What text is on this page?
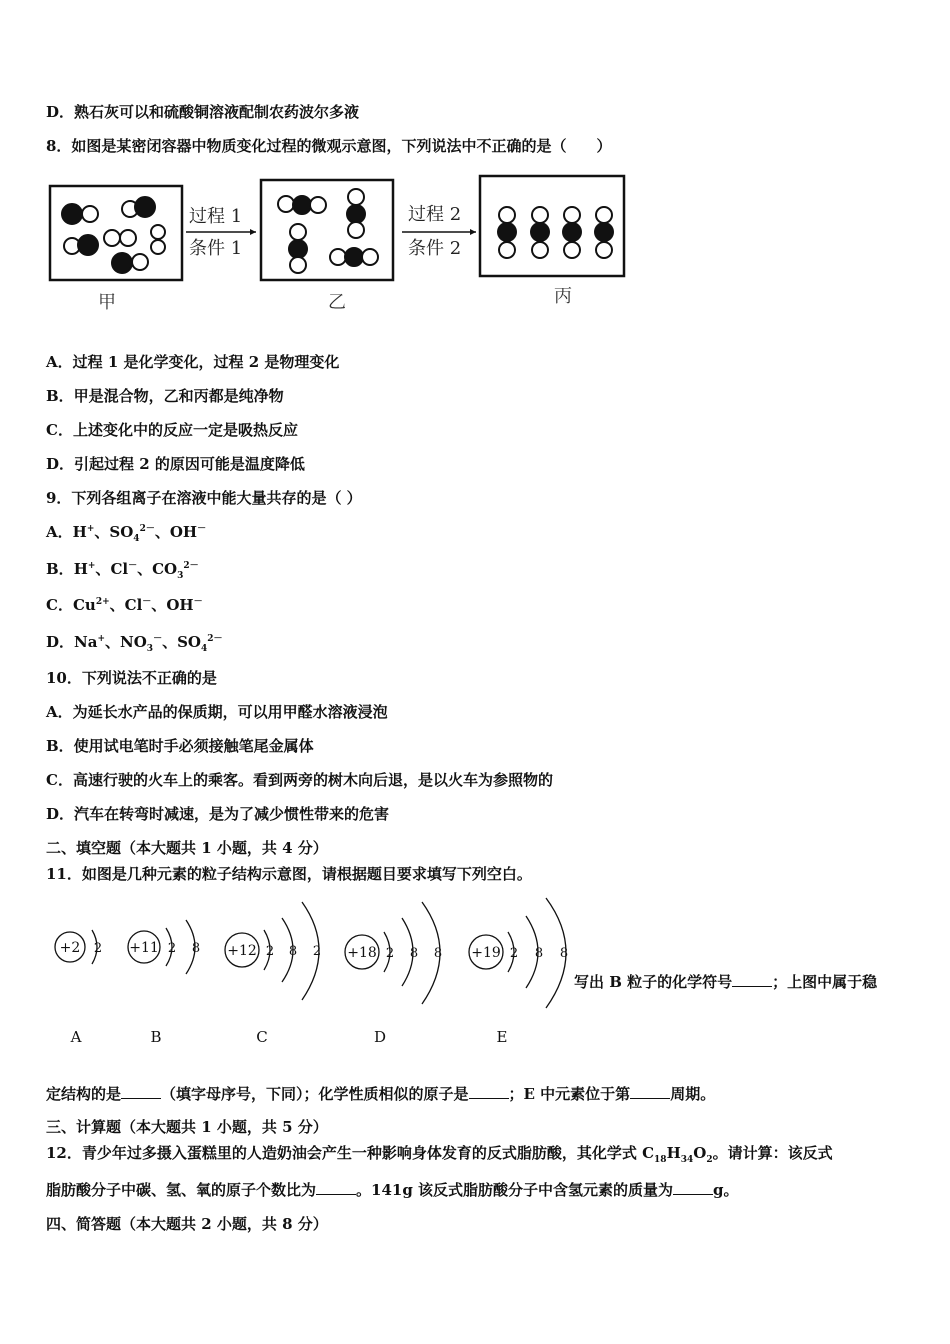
D．熟石灰可以和硫酸铜溶液配制农药波尔多液
8．如图是某密闭容器中物质变化过程的微观示意图，下列说法中不正确的是（　　）
过程 1
条件 1
过程 2
条件 2
甲	乙	丙
A．过程 1 是化学变化，过程 2 是物理变化
B．甲是混合物，乙和丙都是纯净物
C．上述变化中的反应一定是吸热反应
D．引起过程 2 的原因可能是温度降低
9．下列各组离子在溶液中能大量共存的是（ ）
A．H+、$SO_4^{2-}$、OH－
B．H+、Cl－、$CO_3^{2-}$
C．$Cu^{2+}$、Cl－、OH－
D．Na+、$NO_3^-$、$SO_4^{2-}$
10．下列说法不正确的是
A．为延长水产品的保质期，可以用甲醛水溶液浸泡
B．使用试电笔时手必须接触笔尾金属体
C．高速行驶的火车上的乘客。看到两旁的树木向后退，是以火车为参照物的
D．汽车在转弯时减速，是为了减少惯性带来的危害
二、填空题（本大题共 1 小题，共 4 分）
11．如图是几种元素的粒子结构示意图，请根据题目要求填写下列空白。
+2 2
A
+11 2 8
B
+12 2 8 2
C
+18 2 8 8
D
+19 2 8 8
E
写出 B 粒子的化学符号	；上图中属于稳
定结构的是	（填字母序号，下同）；化学性质相似的原子是	；E 中元素位于第	周期。
三、计算题（本大题共 1 小题，共 5 分）
12．青少年过多摄入蛋糕里的人造奶油会产生一种影响身体发育的反式脂肪酸，其化学式 $C_{18}H_{34}O_2$。请计算：该反式
脂肪酸分子中碳、氢、氧的原子个数比为	。141g 该反式脂肪酸分子中含氢元素的质量为	g。
四、简答题（本大题共 2 小题，共 8 分）
